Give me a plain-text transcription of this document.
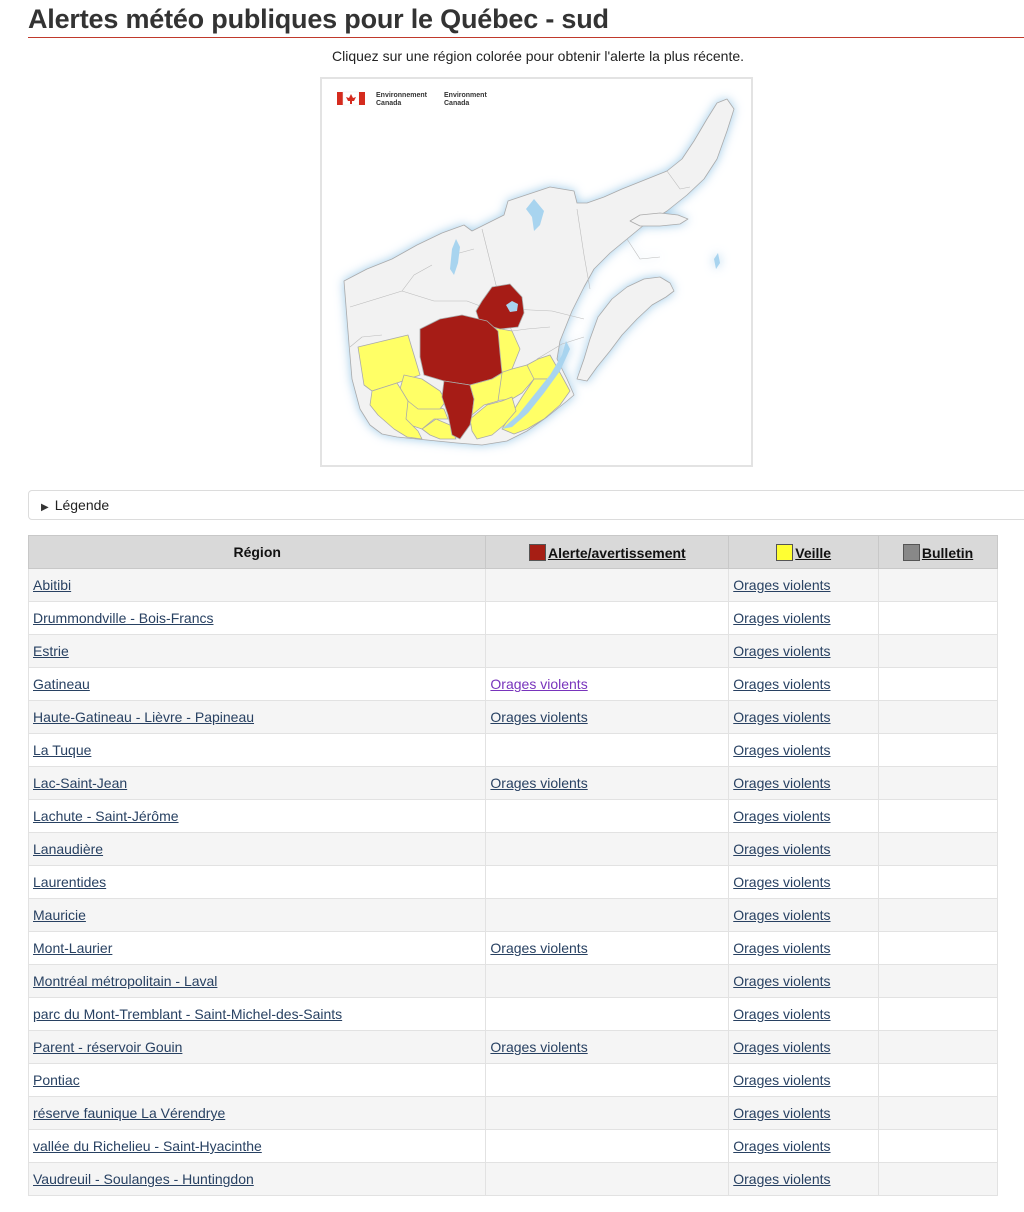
Alertes météo publiques pour le Québec - sud
Cliquez sur une région colorée pour obtenir l'alerte la plus récente.
Environnement
Canada
Environment
Canada
▶ Légende
Région	Alerte/avertissement	Veille	Bulletin
Abitibi		Orages violents	
Drummondville - Bois-Francs		Orages violents	
Estrie		Orages violents	
Gatineau	Orages violents	Orages violents	
Haute-Gatineau - Lièvre - Papineau	Orages violents	Orages violents	
La Tuque		Orages violents	
Lac-Saint-Jean	Orages violents	Orages violents	
Lachute - Saint-Jérôme		Orages violents	
Lanaudière		Orages violents	
Laurentides		Orages violents	
Mauricie		Orages violents	
Mont-Laurier	Orages violents	Orages violents	
Montréal métropolitain - Laval		Orages violents	
parc du Mont-Tremblant - Saint-Michel-des-Saints		Orages violents	
Parent - réservoir Gouin	Orages violents	Orages violents	
Pontiac		Orages violents	
réserve faunique La Vérendrye		Orages violents	
vallée du Richelieu - Saint-Hyacinthe		Orages violents	
Vaudreuil - Soulanges - Huntingdon		Orages violents	
